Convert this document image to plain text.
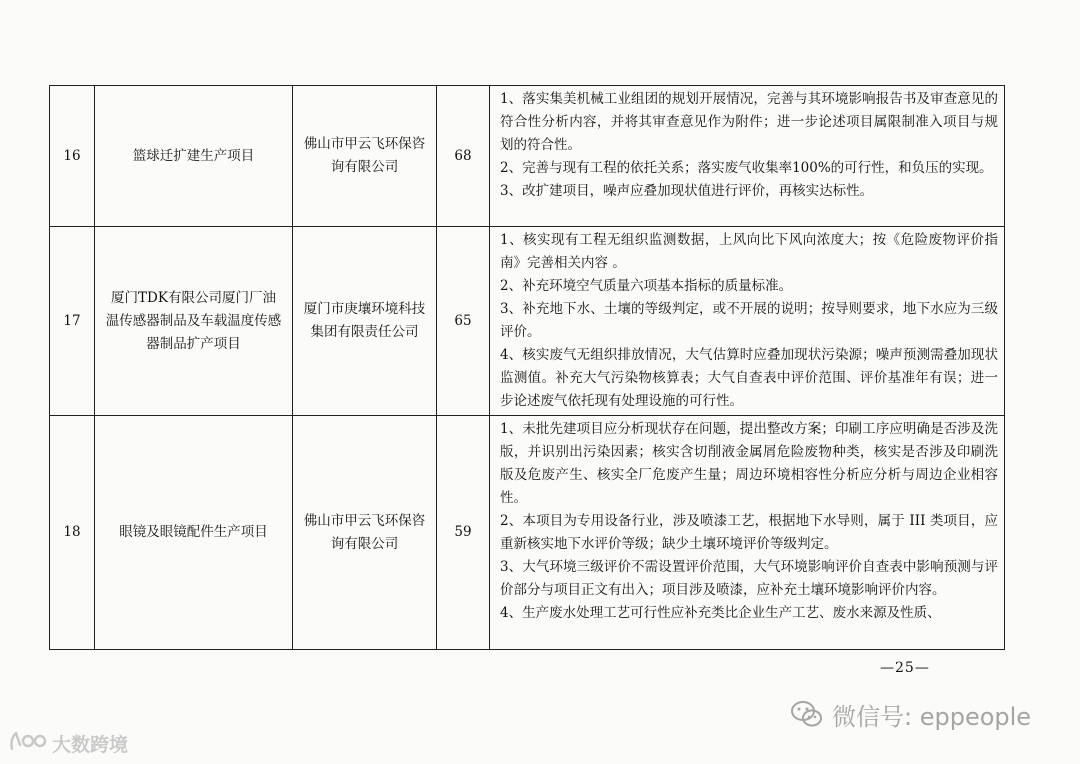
16	篮球迁扩建生产项目	佛山市甲云飞环保咨询有限公司	68	1、落实集美机械工业组团的规划开展情况，完善与其环境影响报告书及审查意见的符合性分析内容，并将其审查意见作为附件；进一步论述项目属限制准入项目与规划的符合性。

2、完善与现有工程的依托关系；落实废气收集率100%的可行性，和负压的实现。

3、改扩建项目，噪声应叠加现状值进行评价，再核实达标性。

17	厦门TDK有限公司厦门厂油温传感器制品及车载温度传感器制品扩产项目	厦门市庚壤环境科技集团有限责任公司	65	1、核实现有工程无组织监测数据，上风向比下风向浓度大；按《危险废物评价指南》完善相关内容 。

2、补充环境空气质量六项基本指标的质量标准。

3、补充地下水、土壤的等级判定，或不开展的说明；按导则要求，地下水应为三级评价。

4、核实废气无组织排放情况，大气估算时应叠加现状污染源；噪声预测需叠加现状监测值。补充大气污染物核算表；大气自查表中评价范围、评价基准年有误；进一步论述废气依托现有处理设施的可行性。

18	眼镜及眼镜配件生产项目	佛山市甲云飞环保咨询有限公司	59	1、未批先建项目应分析现状存在问题，提出整改方案；印刷工序应明确是否涉及洗版，并识别出污染因素；核实含切削液金属屑危险废物种类，核实是否涉及印刷洗版及危废产生、核实全厂危废产生量；周边环境相容性分析应分析与周边企业相容性。

2、本项目为专用设备行业，涉及喷漆工艺，根据地下水导则，属于 III 类项目，应重新核实地下水评价等级；缺少土壤环境评价等级判定。

3、大气环境三级评价不需设置评价范围，大气环境影响评价自查表中影响预测与评价部分与项目正文有出入；项目涉及喷漆，应补充土壤环境影响评价内容。

4、生产废水处理工艺可行性应补充类比企业生产工艺、废水来源及性质、

—25—
微信号: eppeople
大数跨境
